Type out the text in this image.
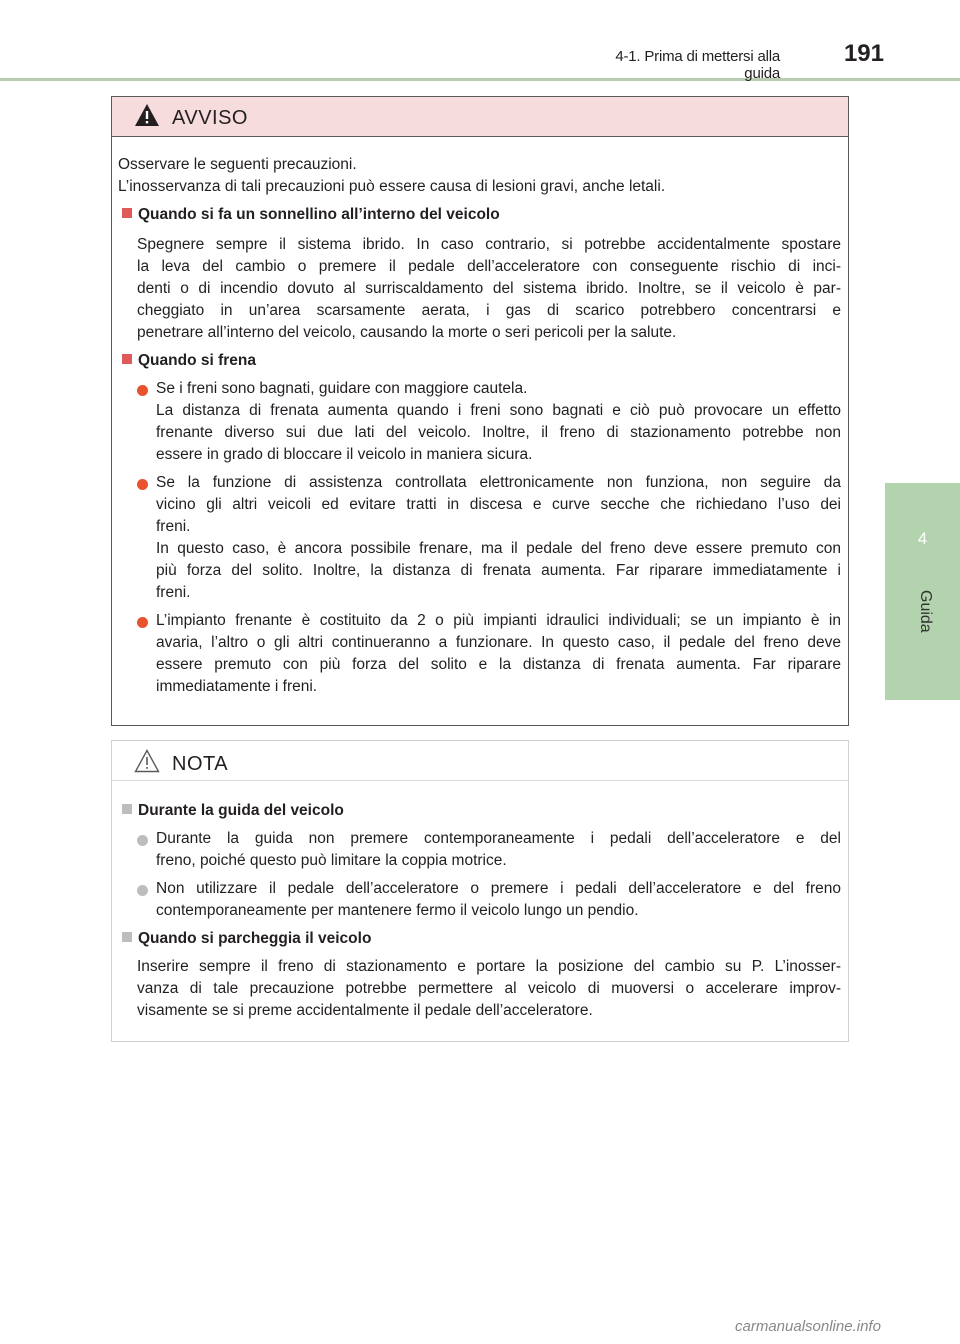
4-1. Prima di mettersi alla guida
191
4
Guida
AVVISO
Osservare le seguenti precauzioni.
L’inosservanza di tali precauzioni può essere causa di lesioni gravi, anche letali.
Quando si fa un sonnellino all’interno del veicolo
Spegnere sempre il sistema ibrido. In caso contrario, si potrebbe accidentalmente spostare
la leva del cambio o premere il pedale dell’acceleratore con conseguente rischio di inci-
denti o di incendio dovuto al surriscaldamento del sistema ibrido. Inoltre, se il veicolo è par-
cheggiato in un’area scarsamente aerata, i gas di scarico potrebbero concentrarsi e
penetrare all’interno del veicolo, causando la morte o seri pericoli per la salute.
Quando si frena
Se i freni sono bagnati, guidare con maggiore cautela.
La distanza di frenata aumenta quando i freni sono bagnati e ciò può provocare un effetto
frenante diverso sui due lati del veicolo. Inoltre, il freno di stazionamento potrebbe non
essere in grado di bloccare il veicolo in maniera sicura.
Se la funzione di assistenza controllata elettronicamente non funziona, non seguire da
vicino gli altri veicoli ed evitare tratti in discesa e curve secche che richiedano l’uso dei
freni.
In questo caso, è ancora possibile frenare, ma il pedale del freno deve essere premuto con
più forza del solito. Inoltre, la distanza di frenata aumenta. Far riparare immediatamente i
freni.
L’impianto frenante è costituito da 2 o più impianti idraulici individuali; se un impianto è in
avaria, l’altro o gli altri continueranno a funzionare. In questo caso, il pedale del freno deve
essere premuto con più forza del solito e la distanza di frenata aumenta. Far riparare
immediatamente i freni.
NOTA
Durante la guida del veicolo
Durante la guida non premere contemporaneamente i pedali dell’acceleratore e del
freno, poiché questo può limitare la coppia motrice.
Non utilizzare il pedale dell’acceleratore o premere i pedali dell’acceleratore e del freno
contemporaneamente per mantenere fermo il veicolo lungo un pendio.
Quando si parcheggia il veicolo
Inserire sempre il freno di stazionamento e portare la posizione del cambio su P. L’inosser-
vanza di tale precauzione potrebbe permettere al veicolo di muoversi o accelerare improv-
visamente se si preme accidentalmente il pedale dell’acceleratore.
carmanualsonline.info
